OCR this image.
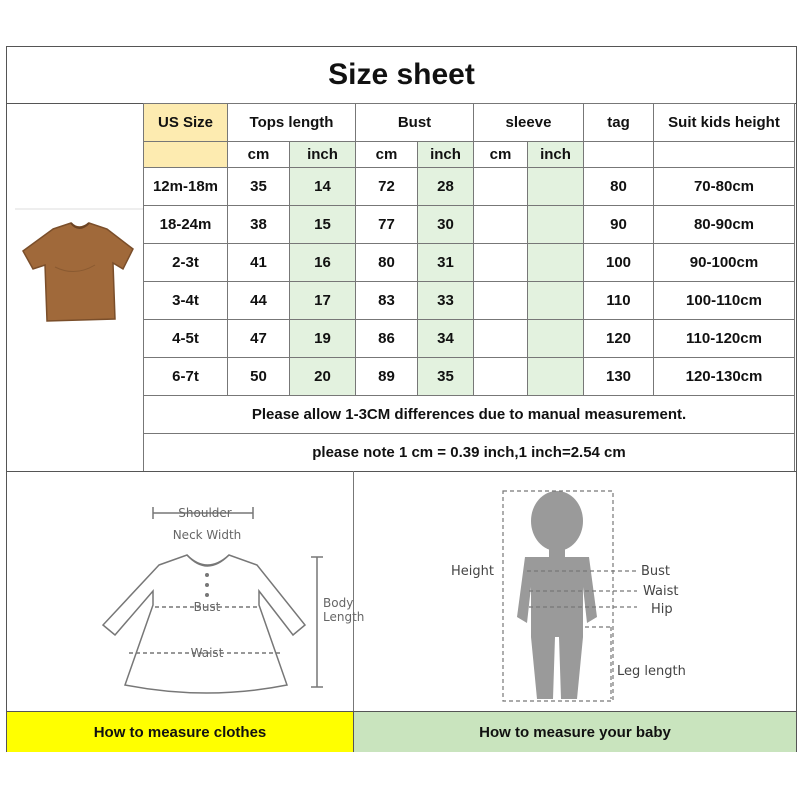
Size sheet
US Size	Tops length		Bust		sleeve		tag	Suit kids height
	cm	inch	cm	inch	cm	inch		
12m-18m	35	14	72	28			80	70-80cm
18-24m	38	15	77	30			90	80-90cm
2-3t	41	16	80	31			100	90-100cm
3-4t	44	17	83	33			110	100-110cm
4-5t	47	19	86	34			120	110-120cm
6-7t	50	20	89	35			130	120-130cm
Please allow 1-3CM differences due to manual measurement.								
please note 1 cm = 0.39 inch,1 inch=2.54 cm								
Shoulder
Neck Width
Bust
Waist
Body
Length
Height	Bust
Waist
Hip
Leg length
How to measure clothes	How to measure your baby
